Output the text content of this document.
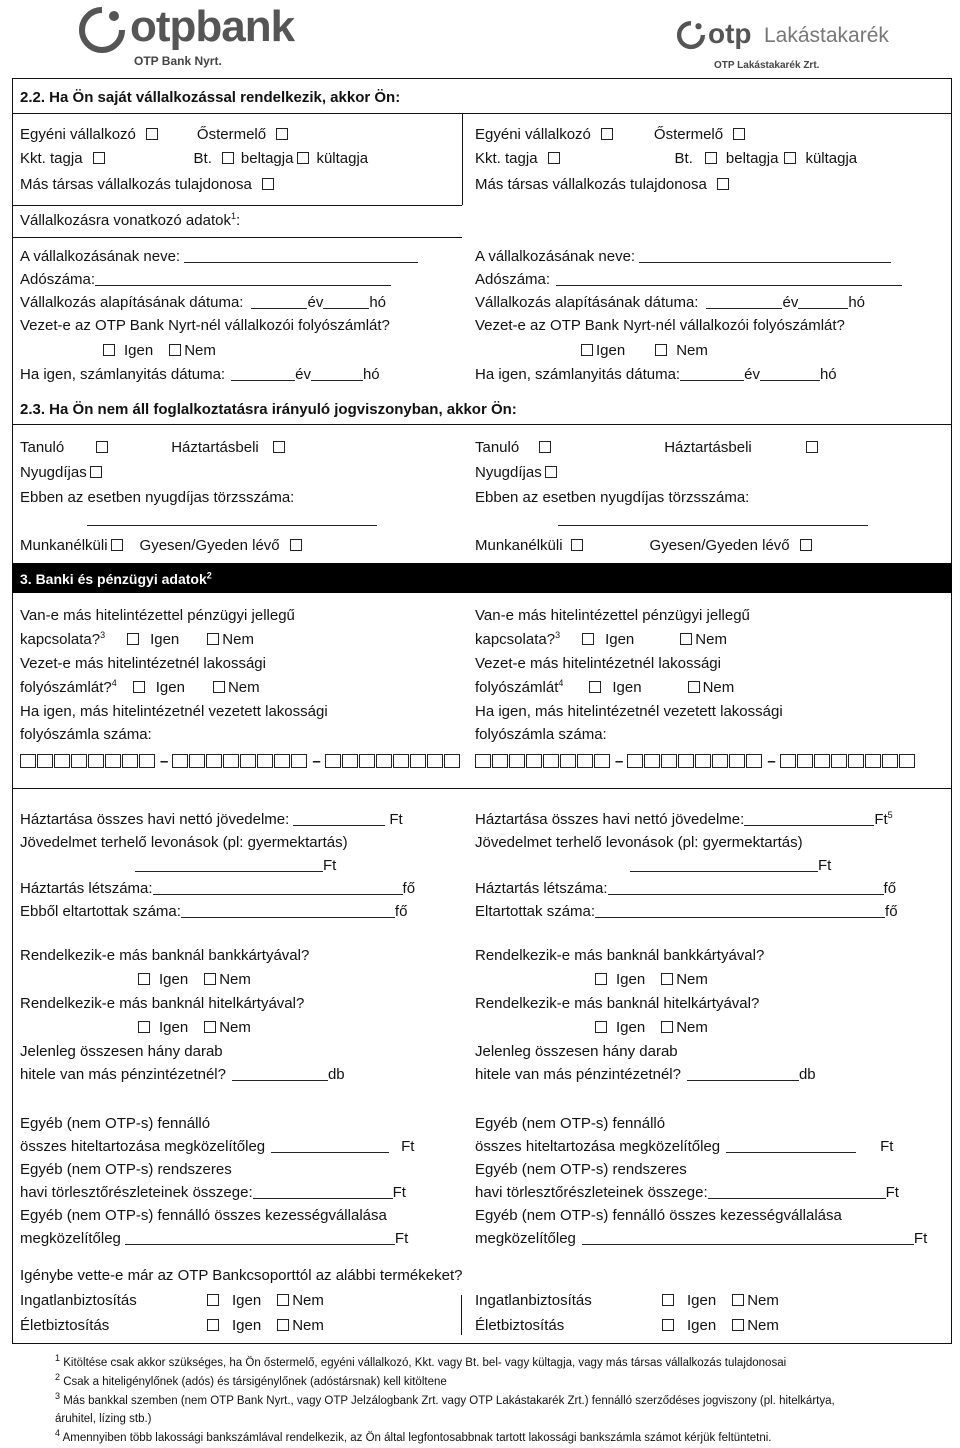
otpbank
OTP Bank Nyrt.
otp Lakástakarék
OTP Lakástakarék Zrt.
2.2. Ha Ön saját vállalkozással rendelkezik, akkor Ön:
Egyéni vállalkozó	Őstermelő
Kkt. tagja	Bt. beltagja kültagja
Más társas vállalkozás tulajdonosa
Vállalkozásra vonatkozó adatok$^1$:
A vállalkozásának neve:
Adószáma:
Vállalkozás alapításának dátuma:	év	hó
Vezet-e az OTP Bank Nyrt-nél vállalkozói folyószámlát?
Igen Nem
Ha igen, számlanyitás dátuma:	év	hó
Egyéni vállalkozó	Őstermelő
Kkt. tagja	Bt. beltagja kültagja
Más társas vállalkozás tulajdonosa
A vállalkozásának neve:
Adószáma:
Vállalkozás alapításának dátuma:	év	hó
Vezet-e az OTP Bank Nyrt-nél vállalkozói folyószámlát?
Igen	Nem
Ha igen, számlanyitás dátuma:	év	hó
2.3. Ha Ön nem áll foglalkoztatásra irányuló jogviszonyban, akkor Ön:
Tanuló	Háztartásbeli
Nyugdíjas
Ebben az esetben nyugdíjas törzsszáma:
Munkanélküli Gyesen/Gyeden lévő
Tanuló	Háztartásbeli
Nyugdíjas
Ebben az esetben nyugdíjas törzsszáma:
Munkanélküli	Gyesen/Gyeden lévő
3. Banki és pénzügyi adatok$^2$
Van-e más hitelintézettel pénzügyi jellegű
kapcsolata?$^3$	Igen	Nem
Vezet-e más hitelintézetnél lakossági
folyószámlát?$^4$	Igen	Nem
Ha igen, más hitelintézetnél vezetett lakossági
folyószámla száma:
–	–
Van-e más hitelintézettel pénzügyi jellegű
kapcsolata?$^3$	Igen	Nem
Vezet-e más hitelintézetnél lakossági
folyószámlát$^4$	Igen	Nem
Ha igen, más hitelintézetnél vezetett lakossági
folyószámla száma:
–	–
Háztartása összes havi nettó jövedelme:	Ft
Jövedelmet terhelő levonások (pl: gyermektartás)
Ft
Háztartás létszáma:	fő
Ebből eltartottak száma:	fő
Háztartása összes havi nettó jövedelme:	Ft$^5$
Jövedelmet terhelő levonások (pl: gyermektartás)
Ft
Háztartás létszáma:	fő
Eltartottak száma:	fő
Rendelkezik-e más banknál bankkártyával?
Igen Nem
Rendelkezik-e más banknál hitelkártyával?
Igen Nem
Jelenleg összesen hány darab
hitele van más pénzintézetnél?	db
Rendelkezik-e más banknál bankkártyával?
Igen Nem
Rendelkezik-e más banknál hitelkártyával?
Igen Nem
Jelenleg összesen hány darab
hitele van más pénzintézetnél?	db
Egyéb (nem OTP-s) fennálló
összes hiteltartozása megközelítőleg	Ft
Egyéb (nem OTP-s) rendszeres
havi törlesztőrészleteinek összege:	Ft
Egyéb (nem OTP-s) fennálló összes kezességvállalása
megközelítőleg	Ft
Egyéb (nem OTP-s) fennálló
összes hiteltartozása megközelítőleg	Ft
Egyéb (nem OTP-s) rendszeres
havi törlesztőrészleteinek összege:	Ft
Egyéb (nem OTP-s) fennálló összes kezességvállalása
megközelítőleg	Ft
Igénybe vette-e már az OTP Bankcsoporttól az alábbi termékeket?
Ingatlanbiztosítás	Igen Nem
Életbiztosítás	Igen Nem
Ingatlanbiztosítás	Igen Nem
Életbiztosítás	Igen Nem
$^1$ Kitöltése csak akkor szükséges, ha Ön őstermelő, egyéni vállalkozó, Kkt. vagy Bt. bel- vagy kültagja, vagy más társas vállalkozás tulajdonosai
$^2$ Csak a hiteligénylőnek (adós) és társigénylőnek (adóstársnak) kell kitöltene
$^3$ Más bankkal szemben (nem OTP Bank Nyrt., vagy OTP Jelzálogbank Zrt. vagy OTP Lakástakarék Zrt.) fennálló szerződéses jogviszony (pl. hitelkártya,
áruhitel, lízing stb.)
$^4$ Amennyiben több lakossági bankszámlával rendelkezik, az Ön által legfontosabbnak tartott lakossági bankszámla számot kérjük feltüntetni.
